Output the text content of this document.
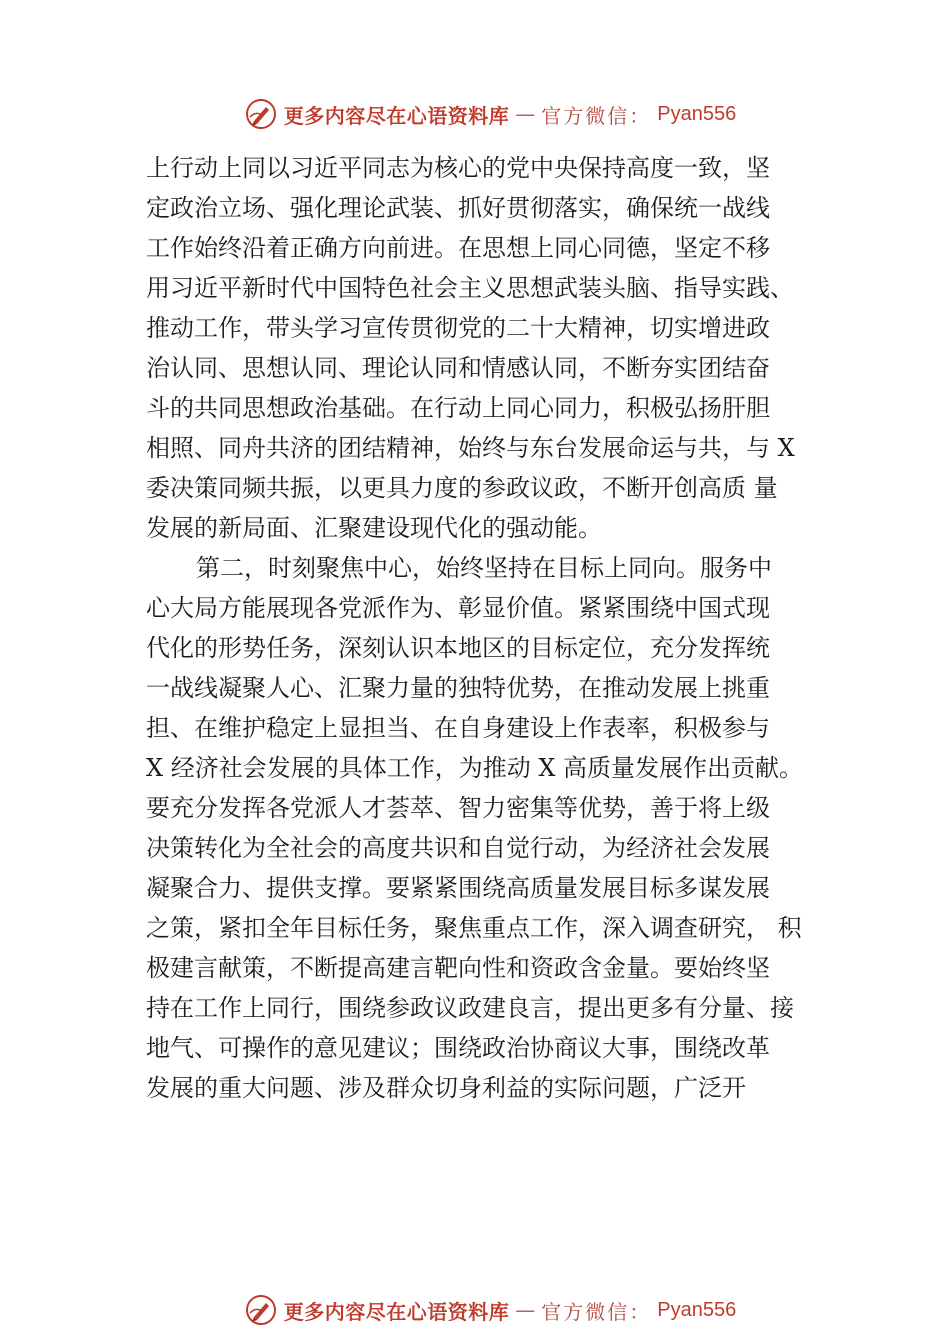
更多内容尽在心语资料库 — 官方微信： Pyan556
上行动上同以习近平同志为核心的党中央保持高度一致，坚
定政治立场、强化理论武装、抓好贯彻落实，确保统一战线
工作始终沿着正确方向前进。在思想上同心同德，坚定不移
用习近平新时代中国特色社会主义思想武装头脑、指导实践、
推动工作，带头学习宣传贯彻党的二十大精神，切实增进政
治认同、思想认同、理论认同和情感认同，不断夯实团结奋
斗的共同思想政治基础。在行动上同心同力，积极弘扬肝胆
相照、同舟共济的团结精神，始终与东台发展命运与共，与 X
委决策同频共振，以更具力度的参政议政，不断开创高质 量
发展的新局面、汇聚建设现代化的强动能。
第二，时刻聚焦中心，始终坚持在目标上同向。服务中
心大局方能展现各党派作为、彰显价值。紧紧围绕中国式现
代化的形势任务，深刻认识本地区的目标定位，充分发挥统
一战线凝聚人心、汇聚力量的独特优势，在推动发展上挑重
担、在维护稳定上显担当、在自身建设上作表率，积极参与
X 经济社会发展的具体工作，为推动 X 高质量发展作出贡献。
要充分发挥各党派人才荟萃、智力密集等优势，善于将上级
决策转化为全社会的高度共识和自觉行动，为经济社会发展
凝聚合力、提供支撑。要紧紧围绕高质量发展目标多谋发展
之策，紧扣全年目标任务，聚焦重点工作，深入调查研究， 积
极建言献策，不断提高建言靶向性和资政含金量。要始终坚
持在工作上同行，围绕参政议政建良言，提出更多有分量、接
地气、可操作的意见建议；围绕政治协商议大事，围绕改革
发展的重大问题、涉及群众切身利益的实际问题，广泛开
更多内容尽在心语资料库 — 官方微信： Pyan556
